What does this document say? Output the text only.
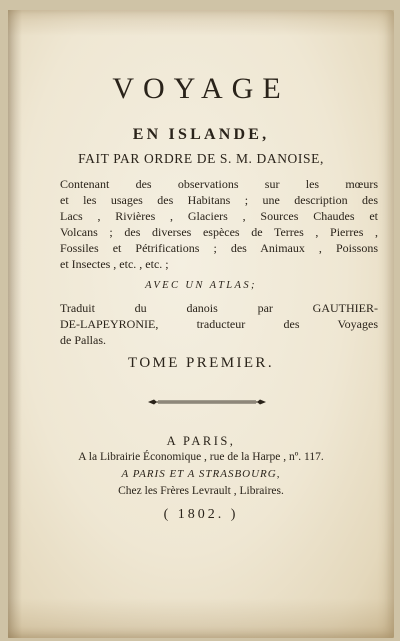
VOYAGE
EN ISLANDE,
FAIT PAR ORDRE DE S. M. DANOISE,
Contenant des observations sur les mœurs
et les usages des Habitans ; une description des
Lacs , Rivières , Glaciers , Sources Chaudes et
Volcans ; des diverses espèces de Terres , Pierres ,
Fossiles et Pétrifications ; des Animaux , Poissons
et Insectes , etc. , etc. ;
AVEC UN ATLAS;
Traduit du danois par GAUTHIER-
DE-LAPEYRONIE, traducteur des Voyages
de Pallas.
TOME PREMIER.
A PARIS,
A la Librairie Économique , rue de la Harpe , nº. 117.
A PARIS ET A STRASBOURG,
Chez les Frères Levrault , Libraires.
( 1802. )
